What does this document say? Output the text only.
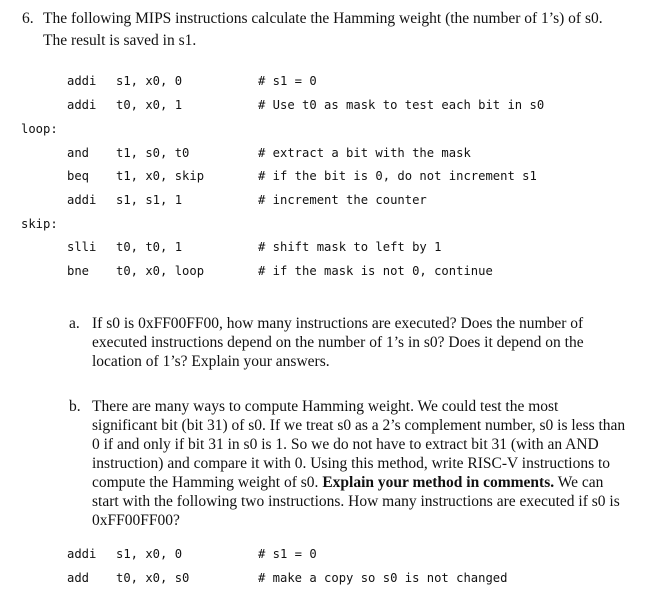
6. The following MIPS instructions calculate the Hamming weight (the number of 1’s) of s0.
The result is saved in s1.
addi s1, x0, 0	# s1 = 0
addi t0, x0, 1	# Use t0 as mask to test each bit in s0
loop:
and t1, s0, t0	# extract a bit with the mask
beq t1, x0, skip	# if the bit is 0, do not increment s1
addi s1, s1, 1	# increment the counter
skip:
slli t0, t0, 1	# shift mask to left by 1
bne t0, x0, loop	# if the mask is not 0, continue
a. If s0 is 0xFF00FF00, how many instructions are executed? Does the number of
executed instructions depend on the number of 1’s in s0? Does it depend on the
location of 1’s? Explain your answers.
b. There are many ways to compute Hamming weight. We could test the most
significant bit (bit 31) of s0. If we treat s0 as a 2’s complement number, s0 is less than
0 if and only if bit 31 in s0 is 1. So we do not have to extract bit 31 (with an AND
instruction) and compare it with 0. Using this method, write RISC-V instructions to
compute the Hamming weight of s0. Explain your method in comments. We can
start with the following two instructions. How many instructions are executed if s0 is
0xFF00FF00?
addi s1, x0, 0	# s1 = 0
add t0, x0, s0	# make a copy so s0 is not changed
